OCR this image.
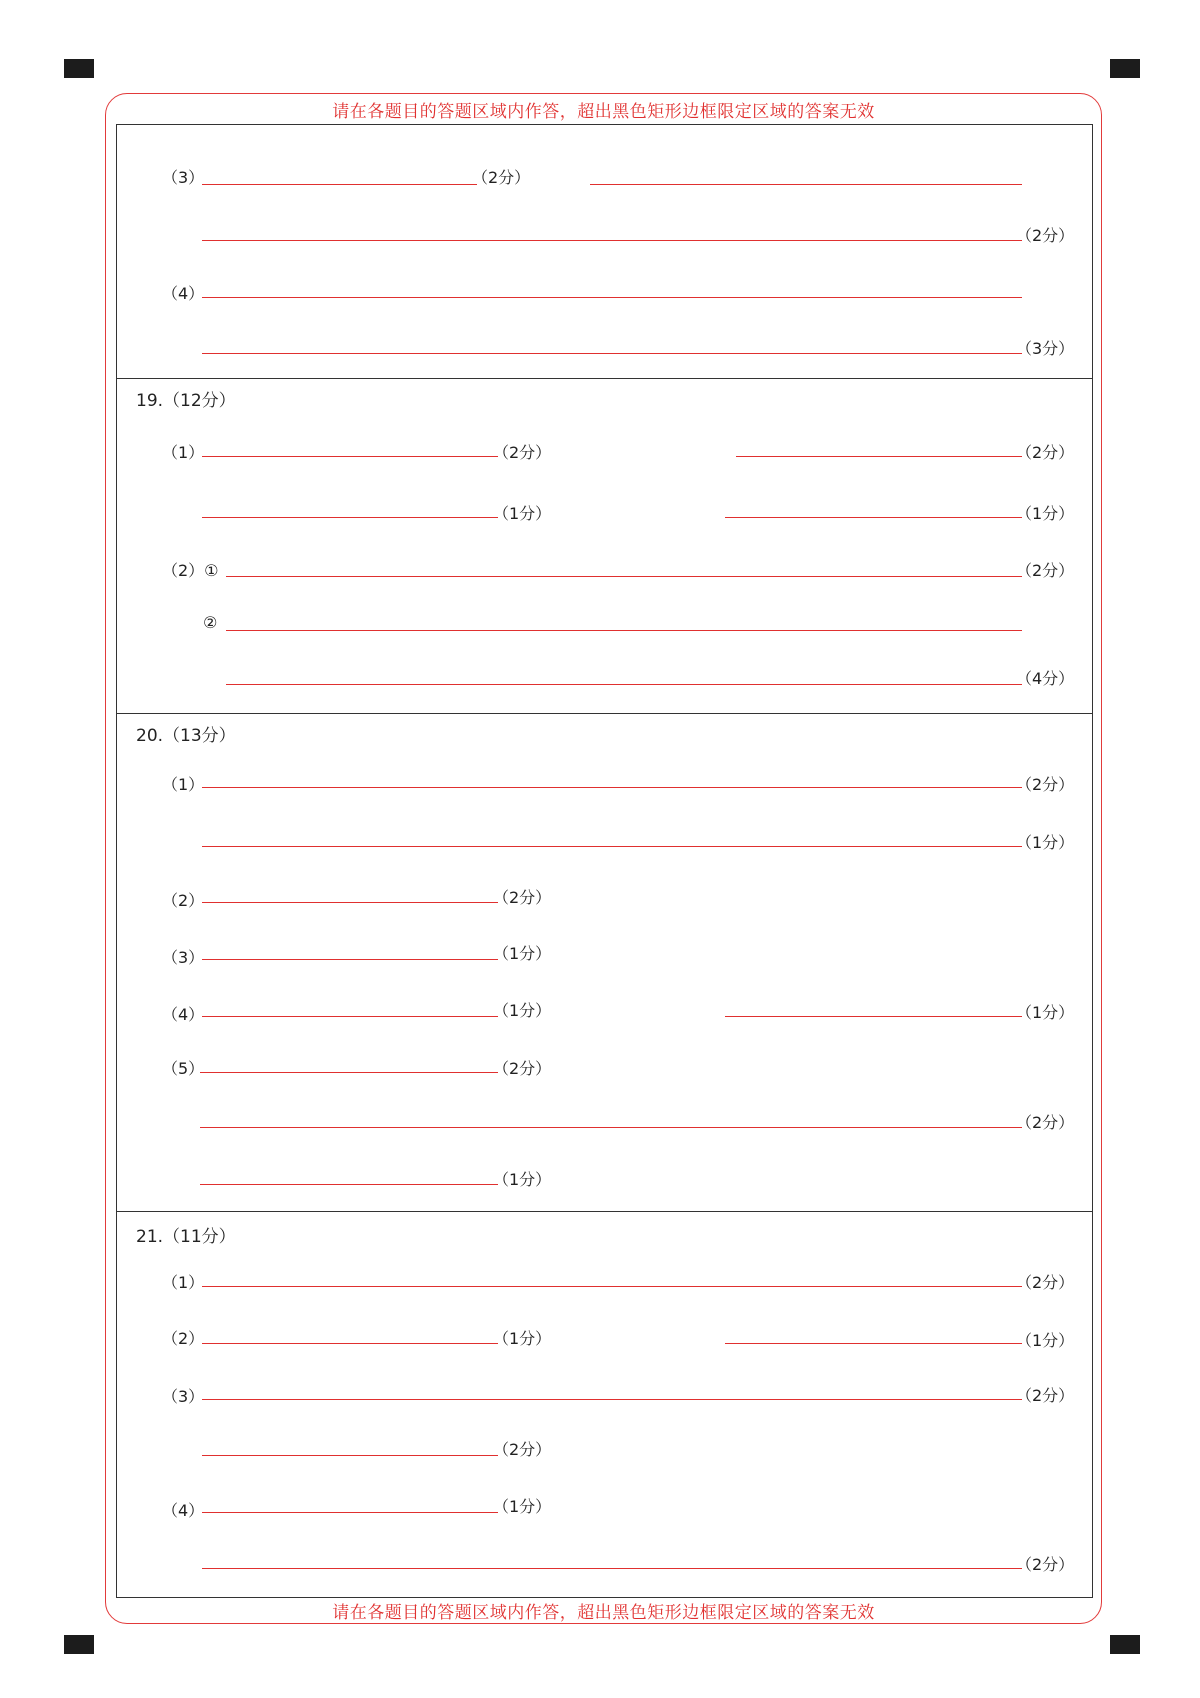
请在各题目的答题区域内作答，超出黑色矩形边框限定区域的答案无效
请在各题目的答题区域内作答，超出黑色矩形边框限定区域的答案无效
（3）	（2分）
（2分）
（4）
（3分）
19.（12分）
（1）	（2分）	（2分）
（1分）	（1分）
（2）①	（2分）
②
（4分）
20.（13分）
（1）	（2分）
（1分）
（2）	（2分）
（3）	（1分）
（4）	（1分）	（1分）
（5）	（2分）
（2分）
（1分）
21.（11分）
（1）	（2分）
（2）	（1分）	（1分）
（3）	（2分）
（2分）
（4）	（1分）
（2分）
